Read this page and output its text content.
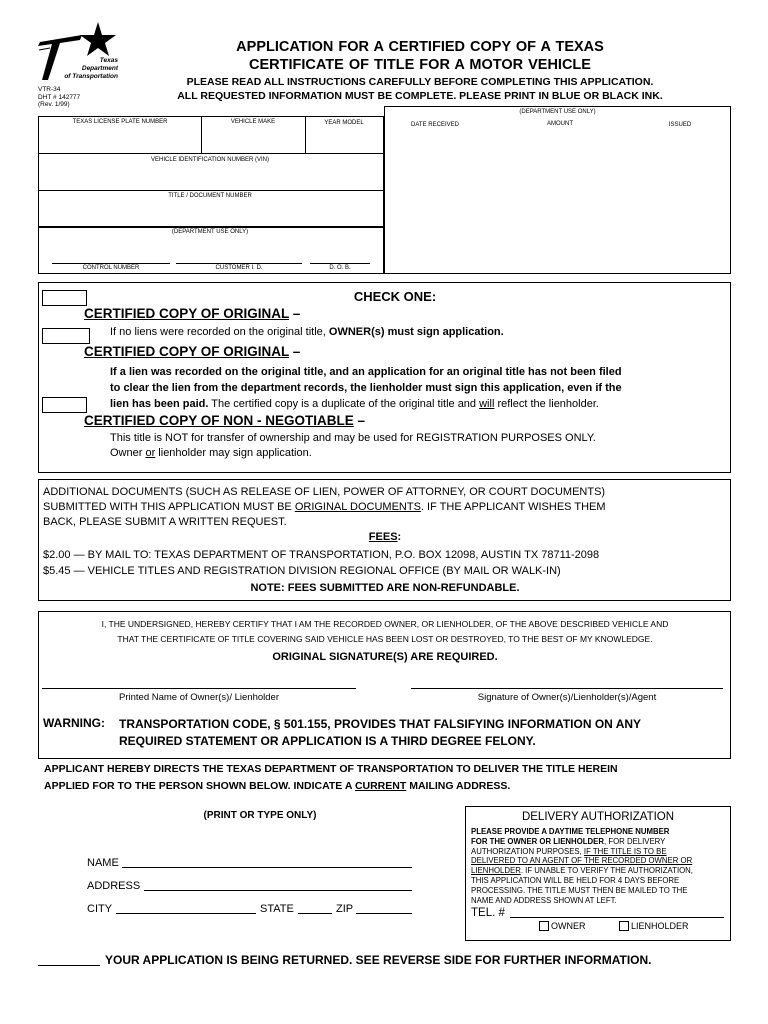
Texas
Department
of Transportation
VTR-34
DHT # 142777
(Rev. 1/99)
APPLICATION FOR A CERTIFIED COPY OF A TEXAS
CERTIFICATE OF TITLE FOR A MOTOR VEHICLE
PLEASE READ ALL INSTRUCTIONS CAREFULLY BEFORE COMPLETING THIS APPLICATION.
ALL REQUESTED INFORMATION MUST BE COMPLETE. PLEASE PRINT IN BLUE OR BLACK INK.
TEXAS LICENSE PLATE NUMBER	VEHICLE MAKE	YEAR MODEL
VEHICLE IDENTIFICATION NUMBER (VIN)
TITLE / DOCUMENT NUMBER
(DEPARTMENT USE ONLY)
CONTROL NUMBER	CUSTOMER I. D.	D. O. B.
(DEPARTMENT USE ONLY)
DATE RECEIVED	AMOUNT	ISSUED
CHECK ONE:
CERTIFIED COPY OF ORIGINAL –
If no liens were recorded on the original title, OWNER(s) must sign application.
CERTIFIED COPY OF ORIGINAL –
If a lien was recorded on the original title, and an application for an original title has not been filed
to clear the lien from the department records, the lienholder must sign this application, even if the
lien has been paid. The certified copy is a duplicate of the original title and will reflect the lienholder.
CERTIFIED COPY OF NON - NEGOTIABLE –
This title is NOT for transfer of ownership and may be used for REGISTRATION PURPOSES ONLY.
Owner or lienholder may sign application.
ADDITIONAL DOCUMENTS (SUCH AS RELEASE OF LIEN, POWER OF ATTORNEY, OR COURT DOCUMENTS)
SUBMITTED WITH THIS APPLICATION MUST BE ORIGINAL DOCUMENTS. IF THE APPLICANT WISHES THEM
BACK, PLEASE SUBMIT A WRITTEN REQUEST.
FEES:
$2.00 — BY MAIL TO: TEXAS DEPARTMENT OF TRANSPORTATION, P.O. BOX 12098, AUSTIN TX 78711-2098
$5.45 — VEHICLE TITLES AND REGISTRATION DIVISION REGIONAL OFFICE (BY MAIL OR WALK-IN)
NOTE: FEES SUBMITTED ARE NON-REFUNDABLE.
I, THE UNDERSIGNED, HEREBY CERTIFY THAT I AM THE RECORDED OWNER, OR LIENHOLDER, OF THE ABOVE DESCRIBED VEHICLE AND
THAT THE CERTIFICATE OF TITLE COVERING SAID VEHICLE HAS BEEN LOST OR DESTROYED, TO THE BEST OF MY KNOWLEDGE.
ORIGINAL SIGNATURE(S) ARE REQUIRED.
Printed Name of Owner(s)/ Lienholder	Signature of Owner(s)/Lienholder(s)/Agent
WARNING: TRANSPORTATION CODE, § 501.155, PROVIDES THAT FALSIFYING INFORMATION ON ANY
REQUIRED STATEMENT OR APPLICATION IS A THIRD DEGREE FELONY.
APPLICANT HEREBY DIRECTS THE TEXAS DEPARTMENT OF TRANSPORTATION TO DELIVER THE TITLE HEREIN
APPLIED FOR TO THE PERSON SHOWN BELOW. INDICATE A CURRENT MAILING ADDRESS.
(PRINT OR TYPE ONLY)
NAME
ADDRESS
CITY	STATE	ZIP
DELIVERY AUTHORIZATION
PLEASE PROVIDE A DAYTIME TELEPHONE NUMBER
FOR THE OWNER OR LIENHOLDER, FOR DELIVERY
AUTHORIZATION PURPOSES, IF THE TITLE IS TO BE
DELIVERED TO AN AGENT OF THE RECORDED OWNER OR
LIENHOLDER. IF UNABLE TO VERIFY THE AUTHORIZATION,
THIS APPLICATION WILL BE HELD FOR 4 DAYS BEFORE
PROCESSING. THE TITLE MUST THEN BE MAILED TO THE
NAME AND ADDRESS SHOWN AT LEFT.
TEL. #
OWNER	LIENHOLDER
YOUR APPLICATION IS BEING RETURNED. SEE REVERSE SIDE FOR FURTHER INFORMATION.
